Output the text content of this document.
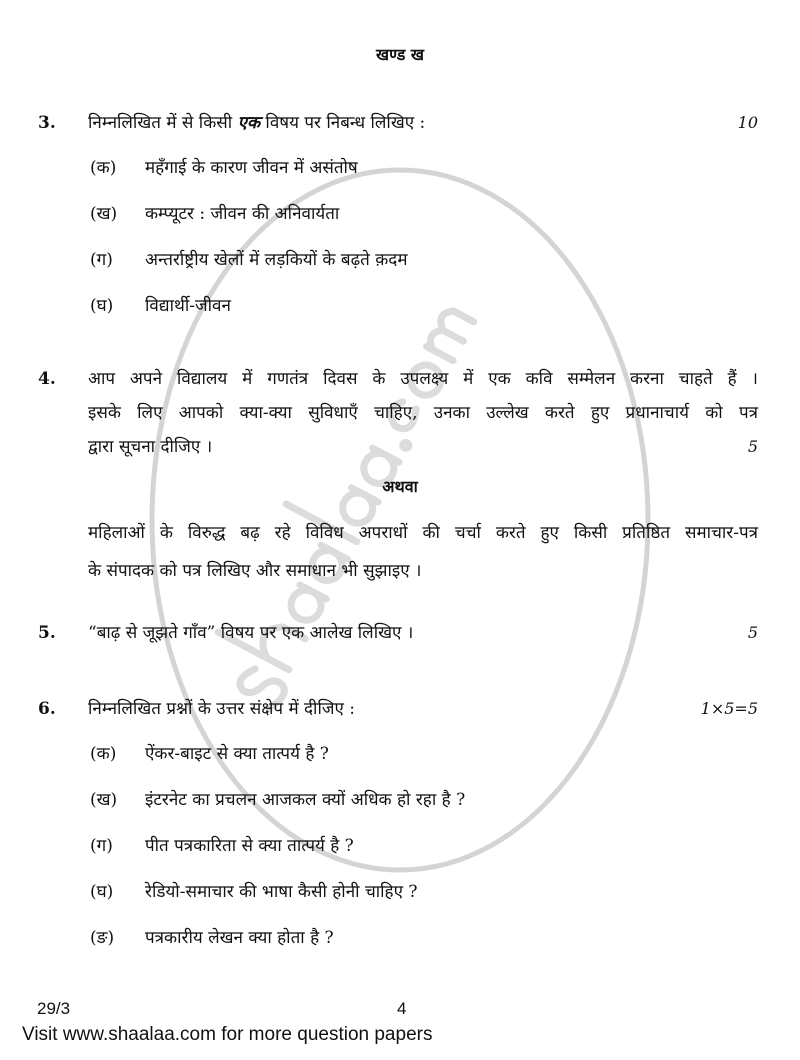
खण्ड ख
3. निम्नलिखित में से किसी एक विषय पर निबन्ध लिखिए :	10
(क) महँगाई के कारण जीवन में असंतोष
(ख) कम्प्यूटर : जीवन की अनिवार्यता
(ग) अन्तर्राष्ट्रीय खेलों में लड़कियों के बढ़ते क़दम
(घ) विद्यार्थी-जीवन
4. आप अपने विद्यालय में गणतंत्र दिवस के उपलक्ष्य में एक कवि सम्मेलन करना चाहते हैं ।
इसके लिए आपको क्या-क्या सुविधाएँ चाहिए, उनका उल्लेख करते हुए प्रधानाचार्य को पत्र
द्वारा सूचना दीजिए ।	5
अथवा
महिलाओं के विरुद्ध बढ़ रहे विविध अपराधों की चर्चा करते हुए किसी प्रतिष्ठित समाचार-पत्र
के संपादक को पत्र लिखिए और समाधान भी सुझाइए ।
5. “बाढ़ से जूझते गाँव” विषय पर एक आलेख लिखिए ।	5
6. निम्नलिखित प्रश्नों के उत्तर संक्षेप में दीजिए :	1×5=5
(क) ऐंकर-बाइट से क्या तात्पर्य है ?
(ख) इंटरनेट का प्रचलन आजकल क्यों अधिक हो रहा है ?
(ग) पीत पत्रकारिता से क्या तात्पर्य है ?
(घ) रेडियो-समाचार की भाषा कैसी होनी चाहिए ?
(ङ) पत्रकारीय लेखन क्या होता है ?
29/3	4
Visit www.shaalaa.com for more question papers
